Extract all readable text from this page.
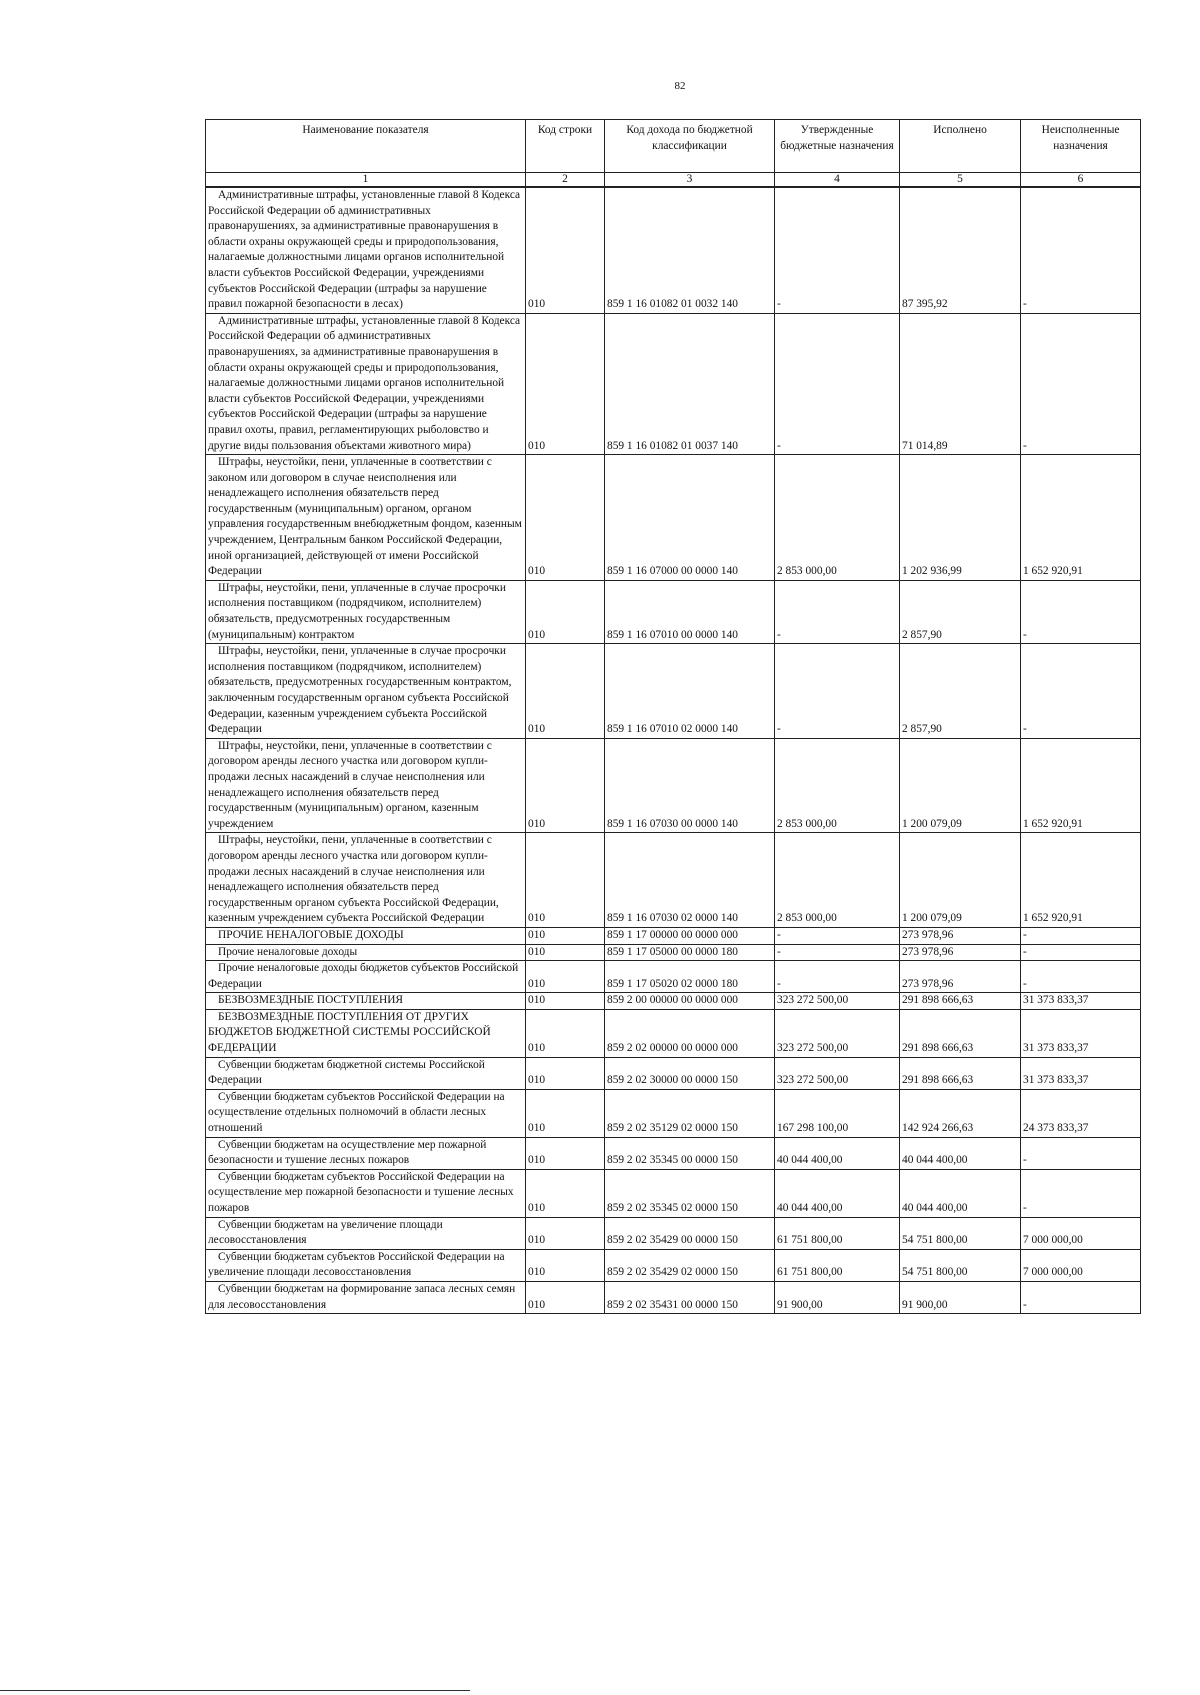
82
Наименование показателя	Код строки	Код дохода по бюджетной классификации	Утвержденные бюджетные назначения	Исполнено	Неисполненные назначения
1	2	3	4	5	6
Административные штрафы, установленные главой 8 Кодекса Российской Федерации об административных правонарушениях, за административные правонарушения в области охраны окружающей среды и природопользования, налагаемые должностными лицами органов исполнительной власти субъектов Российской Федерации, учреждениями субъектов Российской Федерации (штрафы за нарушение правил пожарной безопасности в лесах)	010	859 1 16 01082 01 0032 140	-	87 395,92	-
Административные штрафы, установленные главой 8 Кодекса Российской Федерации об административных правонарушениях, за административные правонарушения в области охраны окружающей среды и природопользования, налагаемые должностными лицами органов исполнительной власти субъектов Российской Федерации, учреждениями субъектов Российской Федерации (штрафы за нарушение правил охоты, правил, регламентирующих рыболовство и другие виды пользования объектами животного мира)	010	859 1 16 01082 01 0037 140	-	71 014,89	-
Штрафы, неустойки, пени, уплаченные в соответствии с законом или договором в случае неисполнения или ненадлежащего исполнения обязательств перед государственным (муниципальным) органом, органом управления государственным внебюджетным фондом, казенным учреждением, Центральным банком Российской Федерации, иной организацией, действующей от имени Российской Федерации	010	859 1 16 07000 00 0000 140	2 853 000,00	1 202 936,99	1 652 920,91
Штрафы, неустойки, пени, уплаченные в случае просрочки исполнения поставщиком (подрядчиком, исполнителем) обязательств, предусмотренных государственным (муниципальным) контрактом	010	859 1 16 07010 00 0000 140	-	2 857,90	-
Штрафы, неустойки, пени, уплаченные в случае просрочки исполнения поставщиком (подрядчиком, исполнителем) обязательств, предусмотренных государственным контрактом, заключенным государственным органом субъекта Российской Федерации, казенным учреждением субъекта Российской Федерации	010	859 1 16 07010 02 0000 140	-	2 857,90	-
Штрафы, неустойки, пени, уплаченные в соответствии с договором аренды лесного участка или договором купли-продажи лесных насаждений в случае неисполнения или ненадлежащего исполнения обязательств перед государственным (муниципальным) органом, казенным учреждением	010	859 1 16 07030 00 0000 140	2 853 000,00	1 200 079,09	1 652 920,91
Штрафы, неустойки, пени, уплаченные в соответствии с договором аренды лесного участка или договором купли-продажи лесных насаждений в случае неисполнения или ненадлежащего исполнения обязательств перед государственным органом субъекта Российской Федерации, казенным учреждением субъекта Российской Федерации	010	859 1 16 07030 02 0000 140	2 853 000,00	1 200 079,09	1 652 920,91
ПРОЧИЕ НЕНАЛОГОВЫЕ ДОХОДЫ	010	859 1 17 00000 00 0000 000	-	273 978,96	-
Прочие неналоговые доходы	010	859 1 17 05000 00 0000 180	-	273 978,96	-
Прочие неналоговые доходы бюджетов субъектов Российской Федерации	010	859 1 17 05020 02 0000 180	-	273 978,96	-
БЕЗВОЗМЕЗДНЫЕ ПОСТУПЛЕНИЯ	010	859 2 00 00000 00 0000 000	323 272 500,00	291 898 666,63	31 373 833,37
БЕЗВОЗМЕЗДНЫЕ ПОСТУПЛЕНИЯ ОТ ДРУГИХ БЮДЖЕТОВ БЮДЖЕТНОЙ СИСТЕМЫ РОССИЙСКОЙ ФЕДЕРАЦИИ	010	859 2 02 00000 00 0000 000	323 272 500,00	291 898 666,63	31 373 833,37
Субвенции бюджетам бюджетной системы Российской Федерации	010	859 2 02 30000 00 0000 150	323 272 500,00	291 898 666,63	31 373 833,37
Субвенции бюджетам субъектов Российской Федерации на осуществление отдельных полномочий в области лесных отношений	010	859 2 02 35129 02 0000 150	167 298 100,00	142 924 266,63	24 373 833,37
Субвенции бюджетам на осуществление мер пожарной безопасности и тушение лесных пожаров	010	859 2 02 35345 00 0000 150	40 044 400,00	40 044 400,00	-
Субвенции бюджетам субъектов Российской Федерации на осуществление мер пожарной безопасности и тушение лесных пожаров	010	859 2 02 35345 02 0000 150	40 044 400,00	40 044 400,00	-
Субвенции бюджетам на увеличение площади лесовосстановления	010	859 2 02 35429 00 0000 150	61 751 800,00	54 751 800,00	7 000 000,00
Субвенции бюджетам субъектов Российской Федерации на увеличение площади лесовосстановления	010	859 2 02 35429 02 0000 150	61 751 800,00	54 751 800,00	7 000 000,00
Субвенции бюджетам на формирование запаса лесных семян для лесовосстановления	010	859 2 02 35431 00 0000 150	91 900,00	91 900,00	-
